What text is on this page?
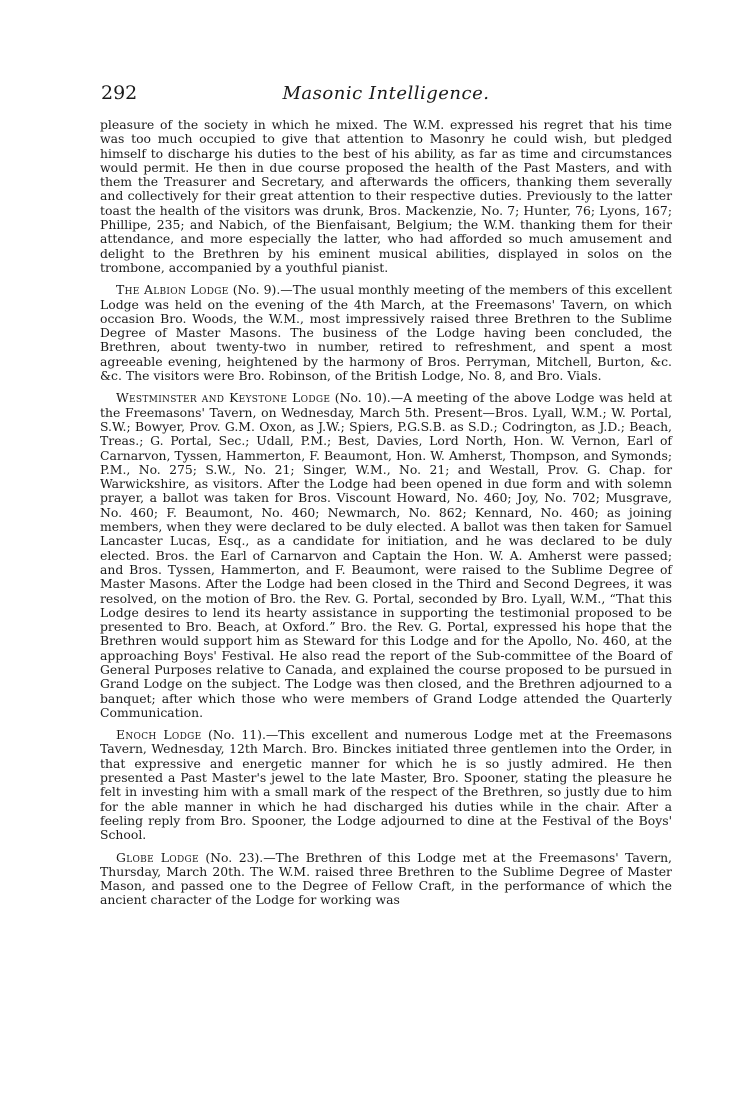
292	Masonic Intelligence.

pleasure of the society in which he mixed. The W.M. expressed his regret that his time was too much occupied to give that attention to Masonry he could wish, but pledged himself to discharge his duties to the best of his ability, as far as time and circumstances would permit. He then in due course proposed the health of the Past Masters, and with them the Treasurer and Secretary, and afterwards the officers, thanking them severally and collectively for their great attention to their respective duties. Previously to the latter toast the health of the visitors was drunk, Bros. Mackenzie, No. 7; Hunter, 76; Lyons, 167; Phillipe, 235; and Nabich, of the Bienfaisant, Belgium; the W.M. thanking them for their attendance, and more especially the latter, who had afforded so much amusement and delight to the Brethren by his eminent musical abilities, displayed in solos on the trombone, accompanied by a youthful pianist.

The Albion Lodge (No. 9).—The usual monthly meeting of the members of this excellent Lodge was held on the evening of the 4th March, at the Freemasons' Tavern, on which occasion Bro. Woods, the W.M., most impressively raised three Brethren to the Sublime Degree of Master Masons. The business of the Lodge having been concluded, the Brethren, about twenty-two in number, retired to refreshment, and spent a most agreeable evening, heightened by the harmony of Bros. Perryman, Mitchell, Burton, &c. &c. The visitors were Bro. Robinson, of the British Lodge, No. 8, and Bro. Vials.

Westminster and Keystone Lodge (No. 10).—A meeting of the above Lodge was held at the Freemasons' Tavern, on Wednesday, March 5th. Present—Bros. Lyall, W.M.; W. Portal, S.W.; Bowyer, Prov. G.M. Oxon, as J.W.; Spiers, P.G.S.B. as S.D.; Codrington, as J.D.; Beach, Treas.; G. Portal, Sec.; Udall, P.M.; Best, Davies, Lord North, Hon. W. Vernon, Earl of Carnarvon, Tyssen, Hammerton, F. Beaumont, Hon. W. Amherst, Thompson, and Symonds; P.M., No. 275; S.W., No. 21; Singer, W.M., No. 21; and Westall, Prov. G. Chap. for Warwickshire, as visitors. After the Lodge had been opened in due form and with solemn prayer, a ballot was taken for Bros. Viscount Howard, No. 460; Joy, No. 702; Musgrave, No. 460; F. Beaumont, No. 460; Newmarch, No. 862; Kennard, No. 460; as joining members, when they were declared to be duly elected. A ballot was then taken for Samuel Lancaster Lucas, Esq., as a candidate for initiation, and he was declared to be duly elected. Bros. the Earl of Carnarvon and Captain the Hon. W. A. Amherst were passed; and Bros. Tyssen, Hammerton, and F. Beaumont, were raised to the Sublime Degree of Master Masons. After the Lodge had been closed in the Third and Second Degrees, it was resolved, on the motion of Bro. the Rev. G. Portal, seconded by Bro. Lyall, W.M., “That this Lodge desires to lend its hearty assistance in supporting the testimonial proposed to be presented to Bro. Beach, at Oxford.” Bro. the Rev. G. Portal, expressed his hope that the Brethren would support him as Steward for this Lodge and for the Apollo, No. 460, at the approaching Boys' Festival. He also read the report of the Sub-committee of the Board of General Purposes relative to Canada, and explained the course proposed to be pursued in Grand Lodge on the subject. The Lodge was then closed, and the Brethren adjourned to a banquet; after which those who were members of Grand Lodge attended the Quarterly Communication.

Enoch Lodge (No. 11).—This excellent and numerous Lodge met at the Freemasons Tavern, Wednesday, 12th March. Bro. Binckes initiated three gentlemen into the Order, in that expressive and energetic manner for which he is so justly admired. He then presented a Past Master's jewel to the late Master, Bro. Spooner, stating the pleasure he felt in investing him with a small mark of the respect of the Brethren, so justly due to him for the able manner in which he had discharged his duties while in the chair. After a feeling reply from Bro. Spooner, the Lodge adjourned to dine at the Festival of the Boys' School.

Globe Lodge (No. 23).—The Brethren of this Lodge met at the Freemasons' Tavern, Thursday, March 20th. The W.M. raised three Brethren to the Sublime Degree of Master Mason, and passed one to the Degree of Fellow Craft, in the performance of which the ancient character of the Lodge for working was
